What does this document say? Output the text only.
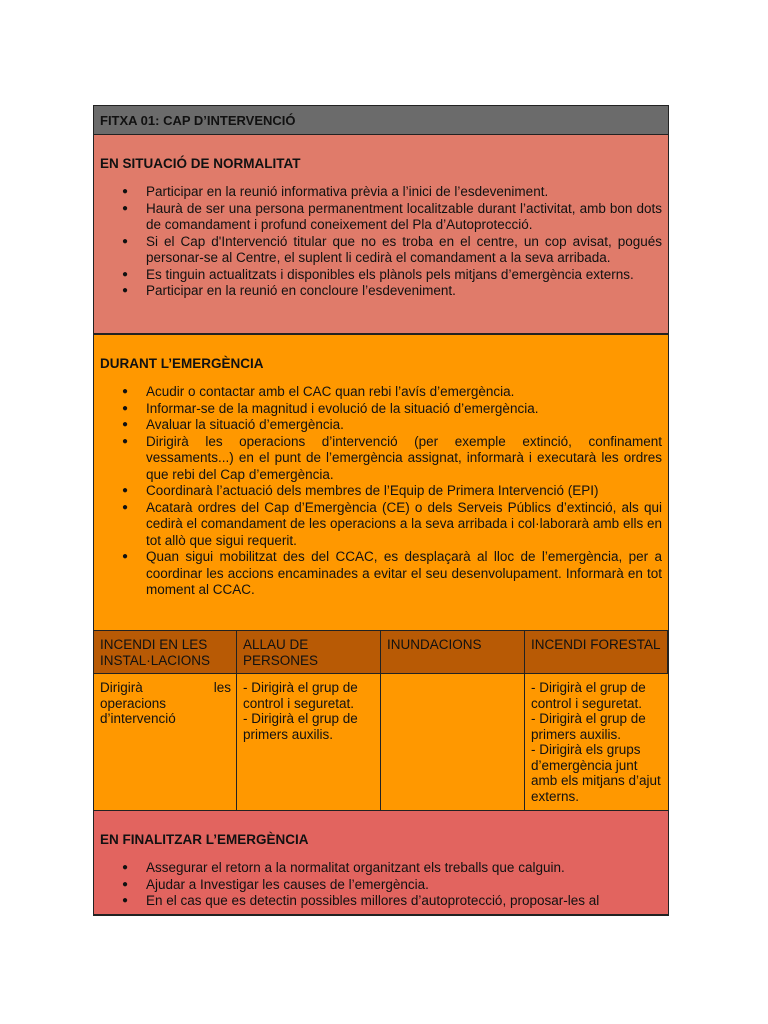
FITXA 01: CAP D’INTERVENCIÓ
EN SITUACIÓ DE NORMALITAT
● Participar en la reunió informativa prèvia a l’inici de l’esdeveniment.
● Haurà de ser una persona permanentment localitzable durant l’activitat, amb bon dots de comandament i profund coneixement del Pla d’Autoprotecció.
● Si el Cap d'Intervenció titular que no es troba en el centre, un cop avisat, pogués personar-se al Centre, el suplent li cedirà el comandament a la seva arribada.
● Es tinguin actualitzats i disponibles els plànols pels mitjans d’emergència externs.
● Participar en la reunió en concloure l’esdeveniment.
DURANT L’EMERGÈNCIA
● Acudir o contactar amb el CAC quan rebi l’avís d’emergència.
● Informar-se de la magnitud i evolució de la situació d’emergència.
● Avaluar la situació d’emergència.
● Dirigirà les operacions d’intervenció (per exemple extinció, confinament vessaments...) en el punt de l’emergència assignat, informarà i executarà les ordres que rebi del Cap d’emergència.
● Coordinarà l’actuació dels membres de l’Equip de Primera Intervenció (EPI)
● Acatarà ordres del Cap d’Emergència (CE) o dels Serveis Públics d’extinció, als qui cedirà el comandament de les operacions a la seva arribada i col·laborarà amb ells en tot allò que sigui requerit.
● Quan sigui mobilitzat des del CCAC, es desplaçarà al lloc de l’emergència, per a coordinar les accions encaminades a evitar el seu desenvolupament. Informarà en tot moment al CCAC.
INCENDI EN LES INSTAL·LACIONS
ALLAU DE PERSONES
INUNDACIONS	INCENDI FORESTAL
Dirigirà les operacions d’intervenció
- Dirigirà el grup de control i seguretat.
- Dirigirà el grup de primers auxilis.
- Dirigirà el grup de control i seguretat.
- Dirigirà el grup de primers auxilis.
- Dirigirà els grups d’emergència junt amb els mitjans d’ajut externs.
EN FINALITZAR L’EMERGÈNCIA
● Assegurar el retorn a la normalitat organitzant els treballs que calguin.
● Ajudar a Investigar les causes de l’emergència.
● En el cas que es detectin possibles millores d’autoprotecció, proposar-les al
